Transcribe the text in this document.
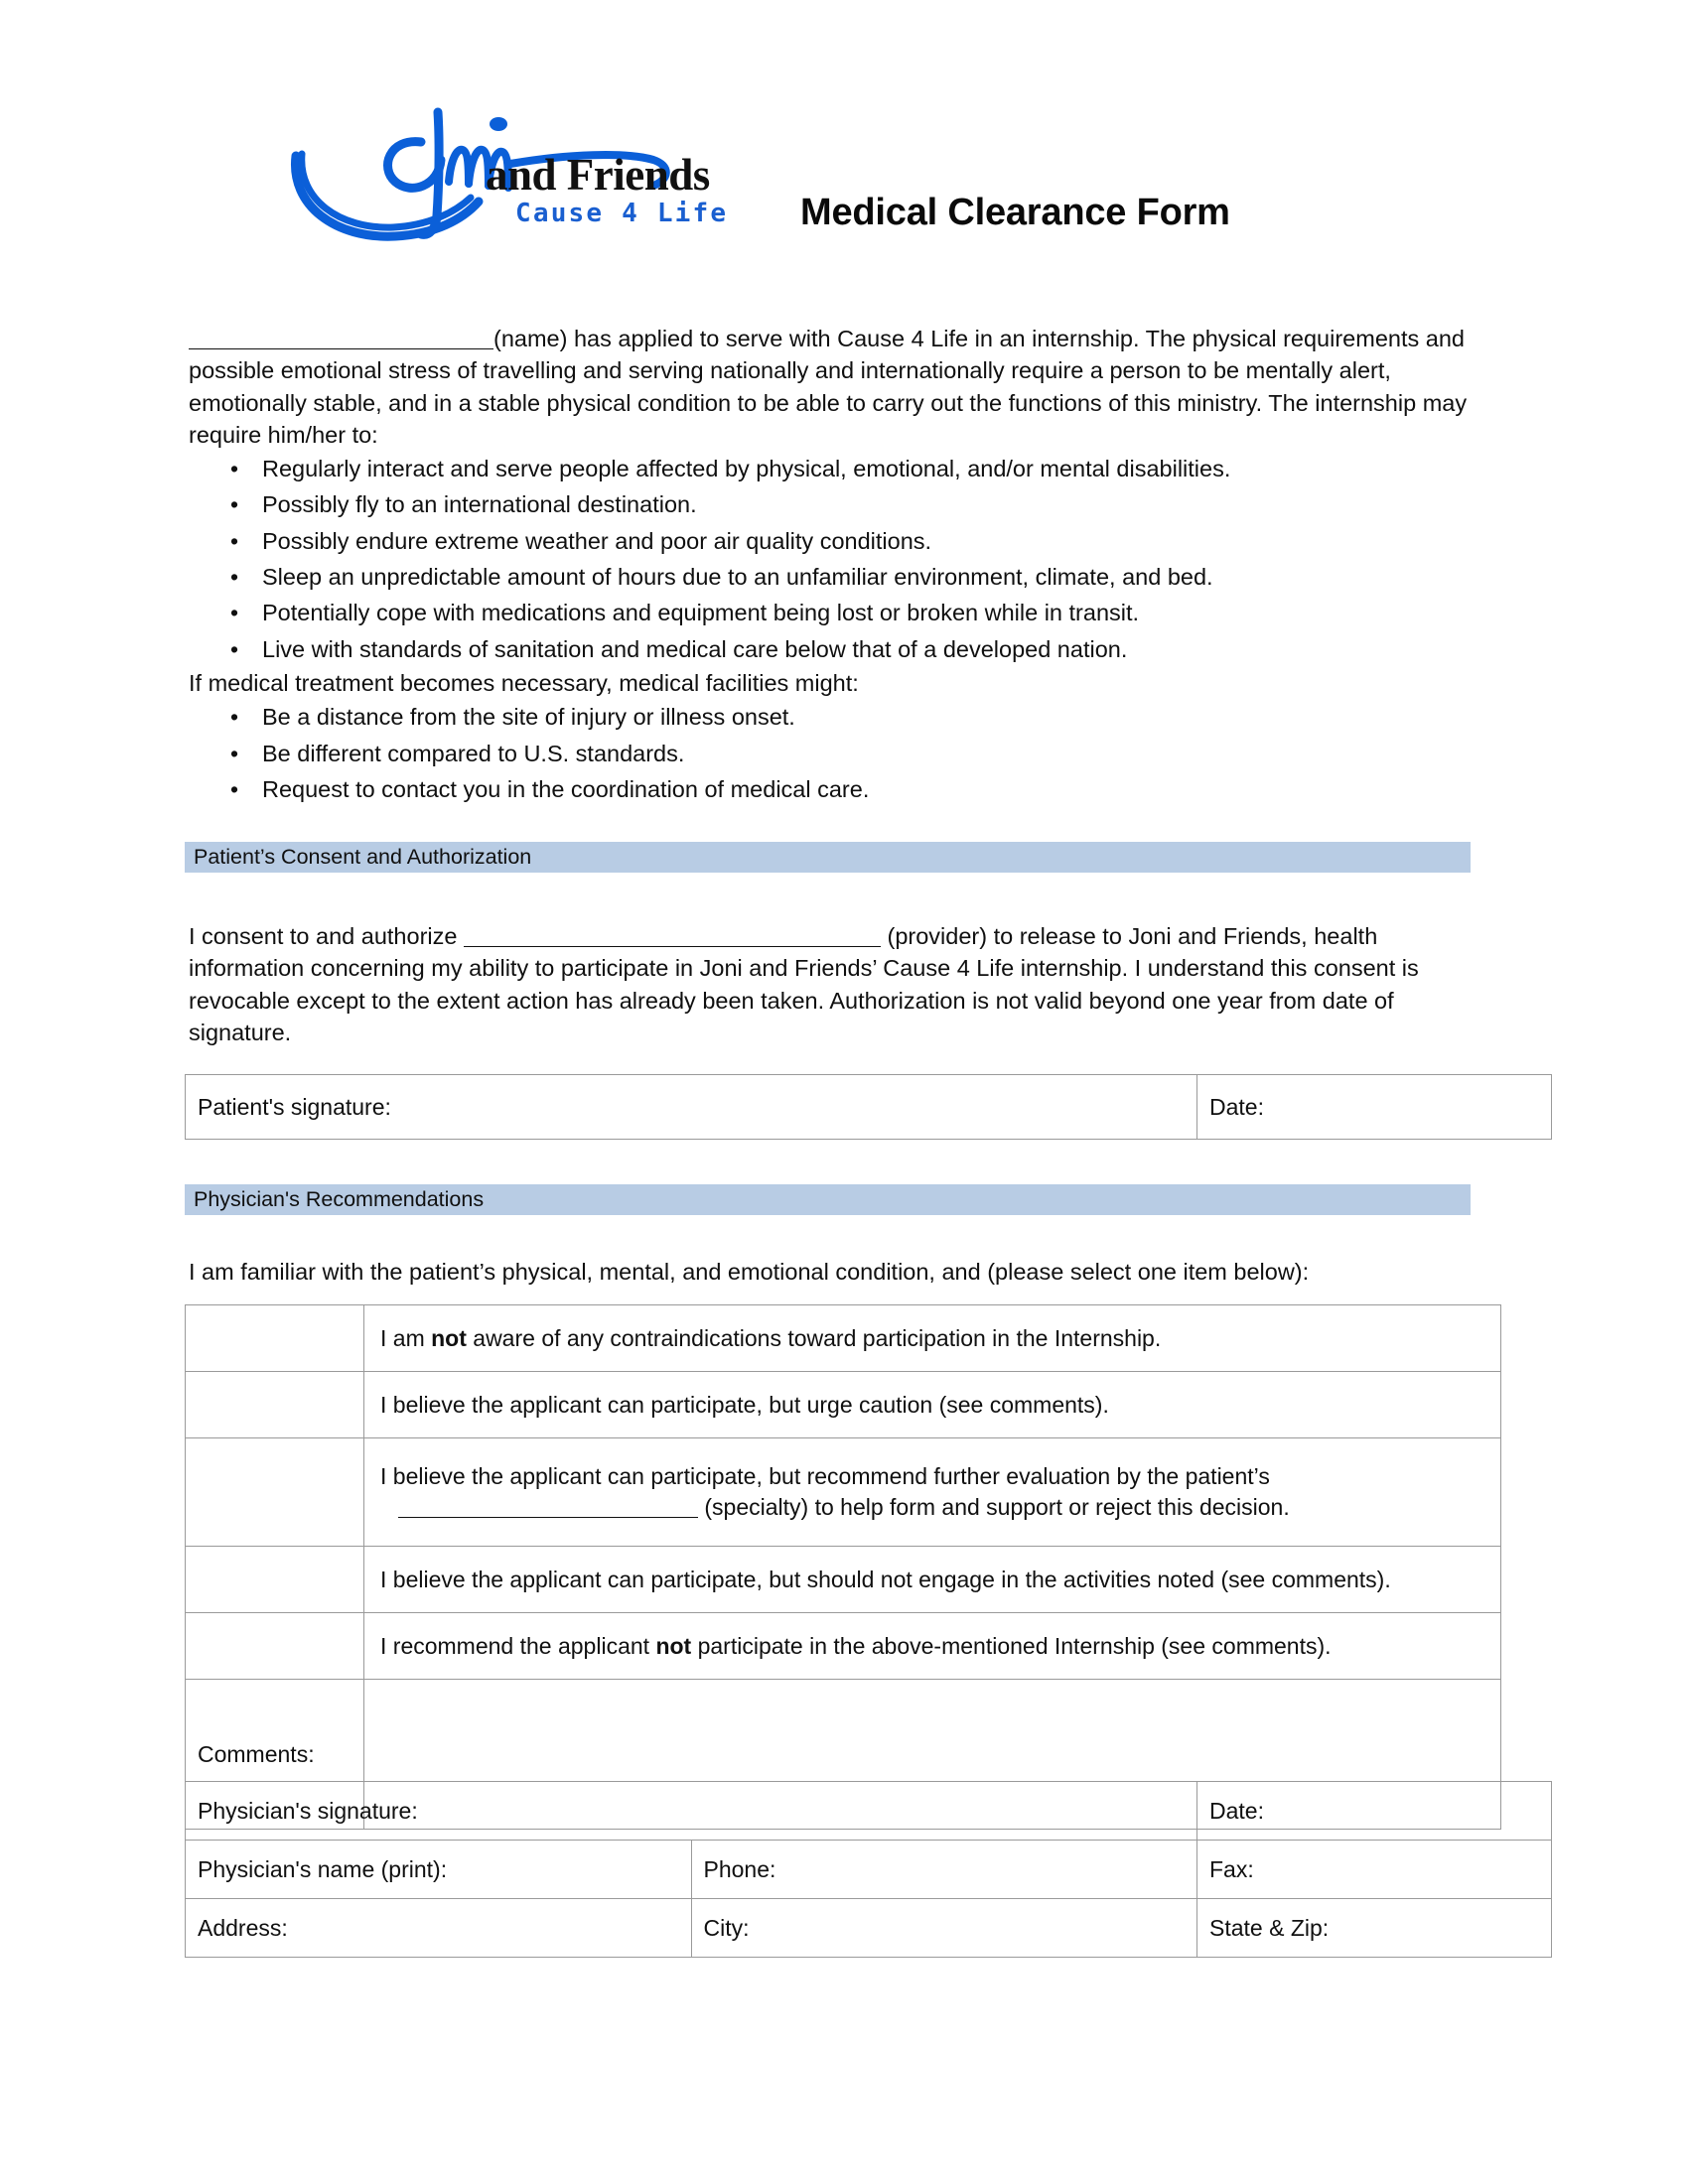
and Friends
Cause 4 Life Medical Clearance Form

(name) has applied to serve with Cause 4 Life in an internship. The physical requirements and possible emotional stress of travelling and serving nationally and internationally require a person to be mentally alert, emotionally stable, and in a stable physical condition to be able to carry out the functions of this ministry. The internship may require him/her to:

• Regularly interact and serve people affected by physical, emotional, and/or mental disabilities.
• Possibly fly to an international destination.
• Possibly endure extreme weather and poor air quality conditions.
• Sleep an unpredictable amount of hours due to an unfamiliar environment, climate, and bed.
• Potentially cope with medications and equipment being lost or broken while in transit.
• Live with standards of sanitation and medical care below that of a developed nation.

If medical treatment becomes necessary, medical facilities might:

• Be a distance from the site of injury or illness onset.
• Be different compared to U.S. standards.
• Request to contact you in the coordination of medical care.
Patient’s Consent and Authorization
I consent to and authorize	(provider) to release to Joni and Friends, health information concerning my ability to participate in Joni and Friends’ Cause 4 Life internship. I understand this consent is revocable except to the extent action has already been taken. Authorization is not valid beyond one year from date of signature.
Patient's signature:	Date:
Physician's Recommendations
I am familiar with the patient’s physical, mental, and emotional condition, and (please select one item below):
	I am not aware of any contraindications toward participation in the Internship.
	I believe the applicant can participate, but urge caution (see comments).
	I believe the applicant can participate, but recommend further evaluation by the patient’s
(specialty) to help form and support or reject this decision.

	I believe the applicant can participate, but should not engage in the activities noted (see comments).
	I recommend the applicant not participate in the above-mentioned Internship (see comments).
Comments:	
Physician's signature:		Date:
Physician's name (print):	Phone:	Fax:
Address:	City:	State & Zip:
